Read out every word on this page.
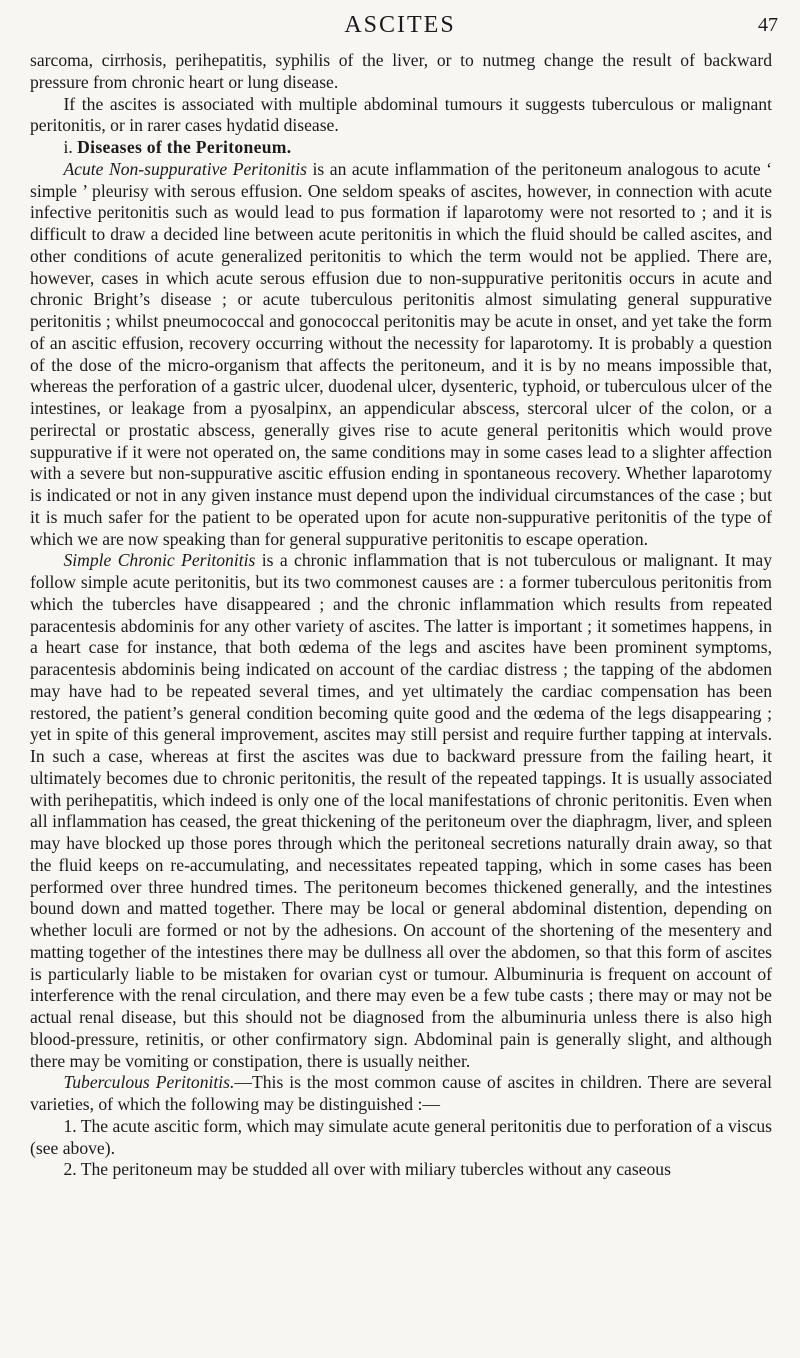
ASCITES	47

sarcoma, cirrhosis, perihepatitis, syphilis of the liver, or to nutmeg change the result of backward pressure from chronic heart or lung disease.

If the ascites is associated with multiple abdominal tumours it suggests tuberculous or malignant peritonitis, or in rarer cases hydatid disease.

i. Diseases of the Peritoneum.

Acute Non-suppurative Peritonitis is an acute inflammation of the peritoneum analogous to acute ‘ simple ’ pleurisy with serous effusion. One seldom speaks of ascites, however, in connection with acute infective peritonitis such as would lead to pus formation if laparotomy were not resorted to ; and it is difficult to draw a decided line between acute peritonitis in which the fluid should be called ascites, and other conditions of acute generalized peritonitis to which the term would not be applied. There are, however, cases in which acute serous effusion due to non-suppurative peritonitis occurs in acute and chronic Bright’s disease ; or acute tuberculous peritonitis almost simulating general suppurative peritonitis ; whilst pneumococcal and gonococcal peritonitis may be acute in onset, and yet take the form of an ascitic effusion, recovery occurring without the necessity for laparotomy. It is probably a question of the dose of the micro-organism that affects the peritoneum, and it is by no means impossible that, whereas the perforation of a gastric ulcer, duodenal ulcer, dysenteric, typhoid, or tuberculous ulcer of the intestines, or leakage from a pyosalpinx, an appendicular abscess, stercoral ulcer of the colon, or a perirectal or prostatic abscess, generally gives rise to acute general peritonitis which would prove suppurative if it were not operated on, the same conditions may in some cases lead to a slighter affection with a severe but non-suppurative ascitic effusion ending in spontaneous recovery. Whether laparotomy is indicated or not in any given instance must depend upon the individual circumstances of the case ; but it is much safer for the patient to be operated upon for acute non-suppurative peritonitis of the type of which we are now speaking than for general suppurative peritonitis to escape operation.

Simple Chronic Peritonitis is a chronic inflammation that is not tuberculous or malignant. It may follow simple acute peritonitis, but its two commonest causes are : a former tuberculous peritonitis from which the tubercles have disappeared ; and the chronic inflammation which results from repeated paracentesis abdominis for any other variety of ascites. The latter is important ; it sometimes happens, in a heart case for instance, that both œdema of the legs and ascites have been prominent symptoms, paracentesis abdominis being indicated on account of the cardiac distress ; the tapping of the abdomen may have had to be repeated several times, and yet ultimately the cardiac compensation has been restored, the patient’s general condition becoming quite good and the œdema of the legs disappearing ; yet in spite of this general improvement, ascites may still persist and require further tapping at intervals. In such a case, whereas at first the ascites was due to backward pressure from the failing heart, it ultimately becomes due to chronic peritonitis, the result of the repeated tappings. It is usually associated with perihepatitis, which indeed is only one of the local manifestations of chronic peritonitis. Even when all inflammation has ceased, the great thickening of the peritoneum over the diaphragm, liver, and spleen may have blocked up those pores through which the peritoneal secretions naturally drain away, so that the fluid keeps on re-accumulating, and necessitates repeated tapping, which in some cases has been performed over three hundred times. The peritoneum becomes thickened generally, and the intestines bound down and matted together. There may be local or general abdominal distention, depending on whether loculi are formed or not by the adhesions. On account of the shortening of the mesentery and matting together of the intestines there may be dullness all over the abdomen, so that this form of ascites is particularly liable to be mistaken for ovarian cyst or tumour. Albuminuria is frequent on account of interference with the renal circulation, and there may even be a few tube casts ; there may or may not be actual renal disease, but this should not be diagnosed from the albuminuria unless there is also high blood-pressure, retinitis, or other confirmatory sign. Abdominal pain is generally slight, and although there may be vomiting or constipation, there is usually neither.

Tuberculous Peritonitis.—This is the most common cause of ascites in children. There are several varieties, of which the following may be distinguished :—

1. The acute ascitic form, which may simulate acute general peritonitis due to perforation of a viscus (see above).

2. The peritoneum may be studded all over with miliary tubercles without any caseous
